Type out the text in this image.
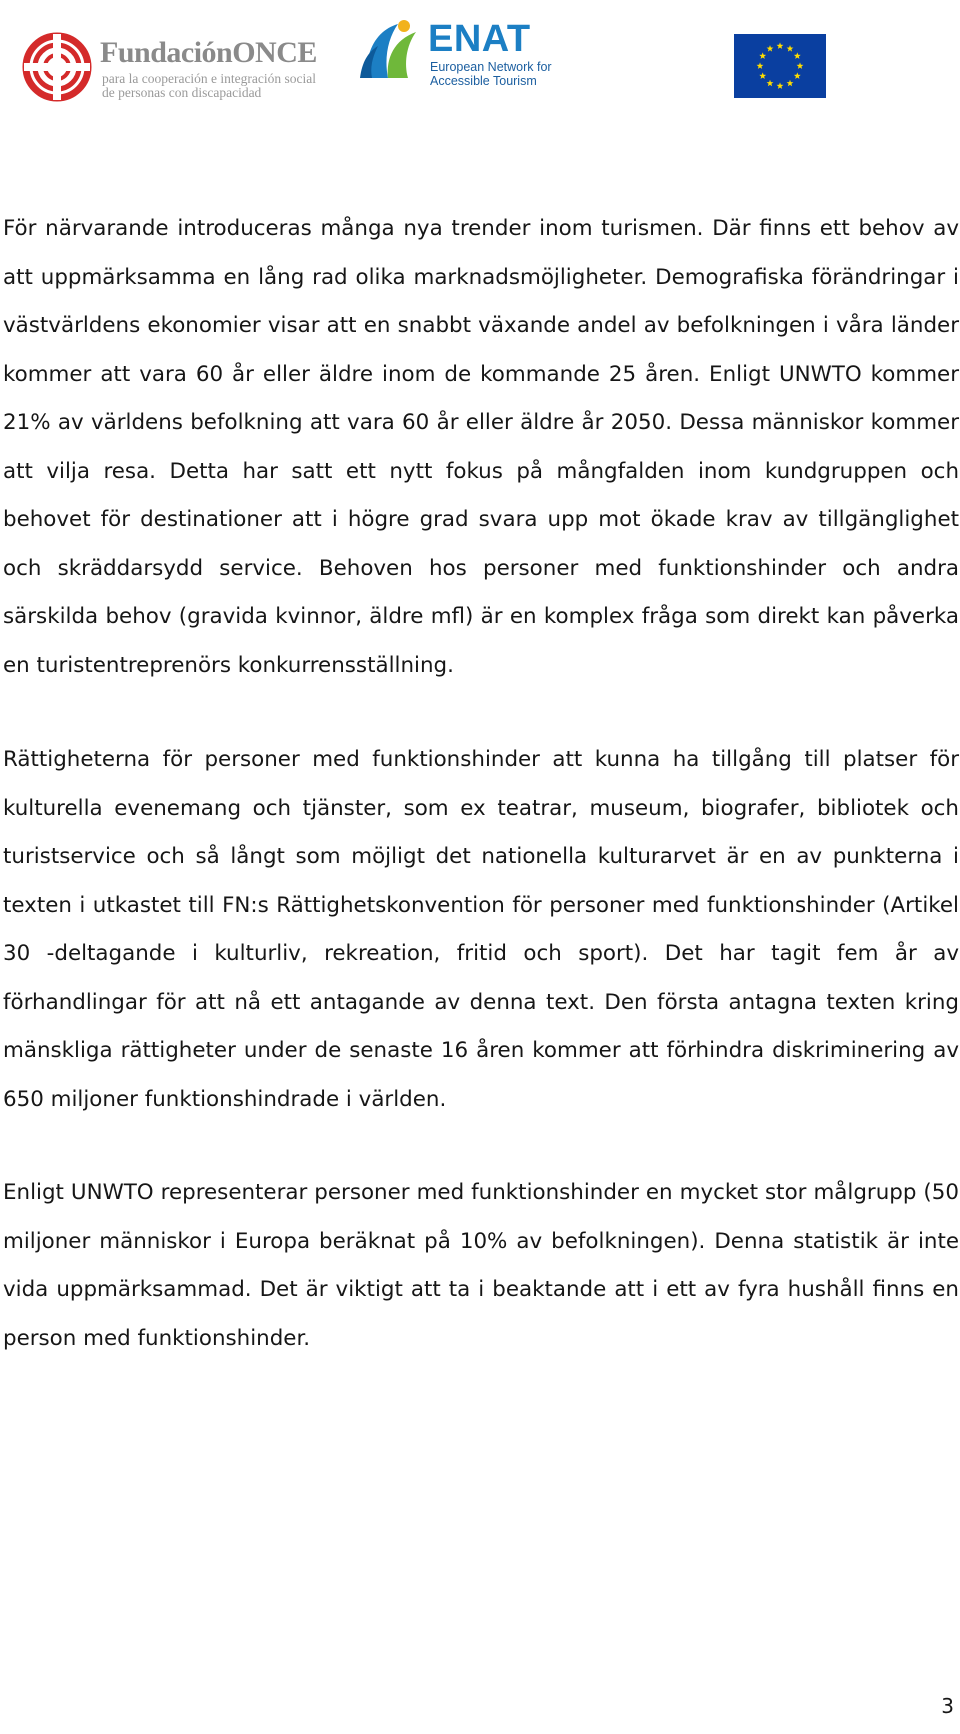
FundaciónONCE
para la cooperación e integración social
de personas con discapacidad
ENAT
European Network for
Accessible Tourism

För närvarande introduceras många nya trender inom turismen. Där finns ett behov av att uppmärksamma en lång rad olika marknadsmöjligheter. Demografiska förändringar i västvärldens ekonomier visar att en snabbt växande andel av befolkningen i våra länder kommer att vara 60 år eller äldre inom de kommande 25 åren. Enligt UNWTO kommer 21% av världens befolkning att vara 60 år eller äldre år 2050. Dessa människor kommer att vilja resa. Detta har satt ett nytt fokus på mångfalden inom kundgruppen och behovet för destinationer att i högre grad svara upp mot ökade krav av tillgänglighet och skräddarsydd service. Behoven hos personer med funktionshinder och andra särskilda behov (gravida kvinnor, äldre mfl) är en komplex fråga som direkt kan påverka en turistentreprenörs konkurrensställning.

Rättigheterna för personer med funktionshinder att kunna ha tillgång till platser för kulturella evenemang och tjänster, som ex teatrar, museum, biografer, bibliotek och turistservice och så långt som möjligt det nationella kulturarvet är en av punkterna i texten i utkastet till FN:s Rättighetskonvention för personer med funktionshinder (Artikel 30 -deltagande i kulturliv, rekreation, fritid och sport). Det har tagit fem år av förhandlingar för att nå ett antagande av denna text. Den första antagna texten kring mänskliga rättigheter under de senaste 16 åren kommer att förhindra diskriminering av 650 miljoner funktionshindrade i världen.

Enligt UNWTO representerar personer med funktionshinder en mycket stor målgrupp (50 miljoner människor i Europa beräknat på 10% av befolkningen). Denna statistik är inte vida uppmärksammad. Det är viktigt att ta i beaktande att i ett av fyra hushåll finns en person med funktionshinder.

3
